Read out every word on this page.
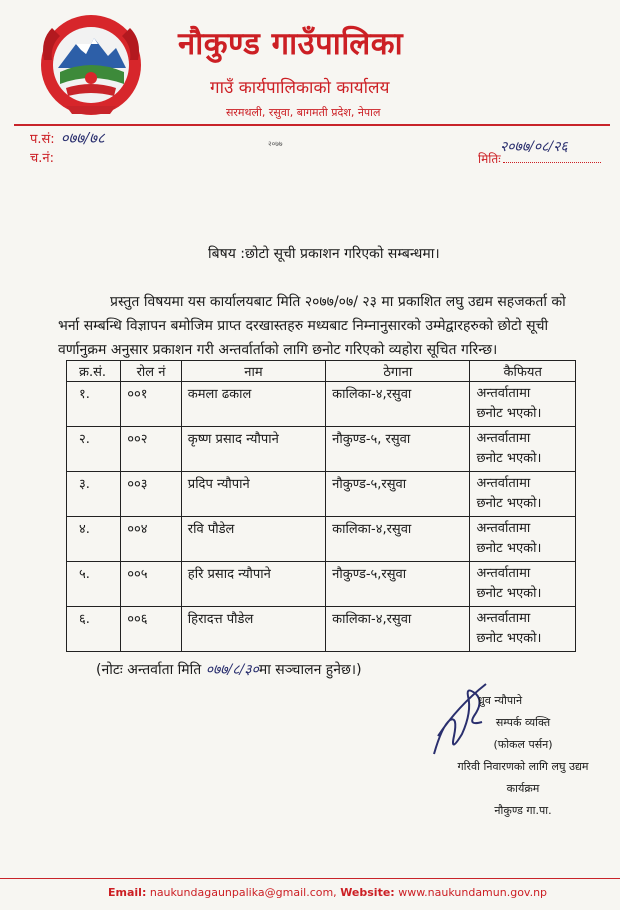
नौकुण्ड गाउँपालिका
गाउँ कार्यपालिकाको कार्यालय
सरमथली, रसुवा, बागमती प्रदेश, नेपाल
प.सं: ०७७/७८
च.नं:
२०७७	२०७७/०८/२६
मितिः
बिषय :छोटो सूची प्रकाशन गरिएको सम्बन्धमा।
प्रस्तुत विषयमा यस कार्यालयबाट मिति २०७७/०७/ २३ मा प्रकाशित लघु उद्यम सहजकर्ता को भर्ना सम्बन्धि विज्ञापन बमोजिम प्राप्त दरखास्तहरु मध्यबाट निम्नानुसारको उम्मेद्वारहरुको छोटो सूची वर्णानुक्रम अनुसार प्रकाशन गरी अन्तर्वार्ताको लागि छनोट गरिएको व्यहोरा सूचित गरिन्छ।
क्र.सं.	रोल नं	नाम	ठेगाना	कैफियत
१.	००१	कमला ढकाल	कालिका-४,रसुवा	अन्तर्वातामा
छनोट भएको।

२.	००२	कृष्ण प्रसाद न्यौपाने	नौकुण्ड-५, रसुवा	अन्तर्वातामा
छनोट भएको।

३.	००३	प्रदिप न्यौपाने	नौकुण्ड-५,रसुवा	अन्तर्वातामा
छनोट भएको।

४.	००४	रवि पौडेल	कालिका-४,रसुवा	अन्तर्वातामा
छनोट भएको।

५.	००५	हरि प्रसाद न्यौपाने	नौकुण्ड-५,रसुवा	अन्तर्वातामा
छनोट भएको।

६.	००६	हिरादत्त पौडेल	कालिका-४,रसुवा	अन्तर्वातामा
छनोट भएको।
(नोटः अन्तर्वाता मिति ०७७/८/३०मा सञ्चालन हुनेछ।)
ध्रुव न्यौपाने
सम्पर्क व्यक्ति
(फोकल पर्सन)
गरिवी निवारणको लागि लघु उद्यम
कार्यक्रम
नौकुण्ड गा.पा.
Email: naukundagaunpalika@gmail.com, Website: www.naukundamun.gov.np
